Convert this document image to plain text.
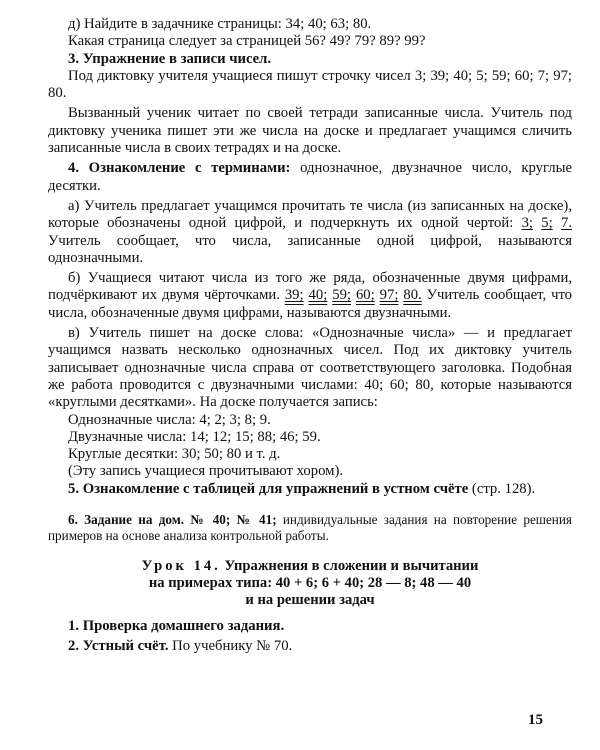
д) Найдите в задачнике страницы: 34; 40; 63; 80.

Какая страница следует за страницей 56? 49? 79? 89? 99?

3. Упражнение в записи чисел.

Под диктовку учителя учащиеся пишут строчку чисел 3; 39; 40; 5; 59; 60; 7; 97; 80.

Вызванный ученик читает по своей тетради записанные числа. Учитель под диктовку ученика пишет эти же числа на доске и предлагает учащимся сличить записанные числа в своих тетрадях и на доске.

4. Ознакомление с терминами: однозначное, двузначное число, круглые десятки.

а) Учитель предлагает учащимся прочитать те числа (из записанных на доске), которые обозначены одной цифрой, и подчеркнуть их одной чертой: 3; 5; 7. Учитель сообщает, что числа, записанные одной цифрой, называются однозначными.

б) Учащиеся читают числа из того же ряда, обозначенные двумя цифрами, подчёркивают их двумя чёрточками. 39; 40; 59; 60; 97; 80. Учитель сообщает, что числа, обозначенные двумя цифрами, называются двузначными.

в) Учитель пишет на доске слова: «Однозначные числа» — и предлагает учащимся назвать несколько однозначных чисел. Под их диктовку учитель записывает однозначные числа справа от соответствующего заголовка. Подобная же работа проводится с двузначными числами: 40; 60; 80, которые называются «круглыми десятками». На доске получается запись:

Однозначные числа: 4; 2; 3; 8; 9.

Двузначные числа: 14; 12; 15; 88; 46; 59.

Круглые десятки: 30; 50; 80 и т. д.

(Эту запись учащиеся прочитывают хором).

5. Ознакомление с таблицей для упражнений в устном счёте (стр. 128).

6. Задание на дом. № 40; № 41; индивидуальные задания на повторение решения примеров на основе анализа контрольной работы.

Урок 14. Упражнения в сложении и вычитании

на примерах типа: 40 + 6; 6 + 40; 28 — 8; 48 — 40

и на решении задач

1. Проверка домашнего задания.

2. Устный счёт. По учебнику № 70.

15
